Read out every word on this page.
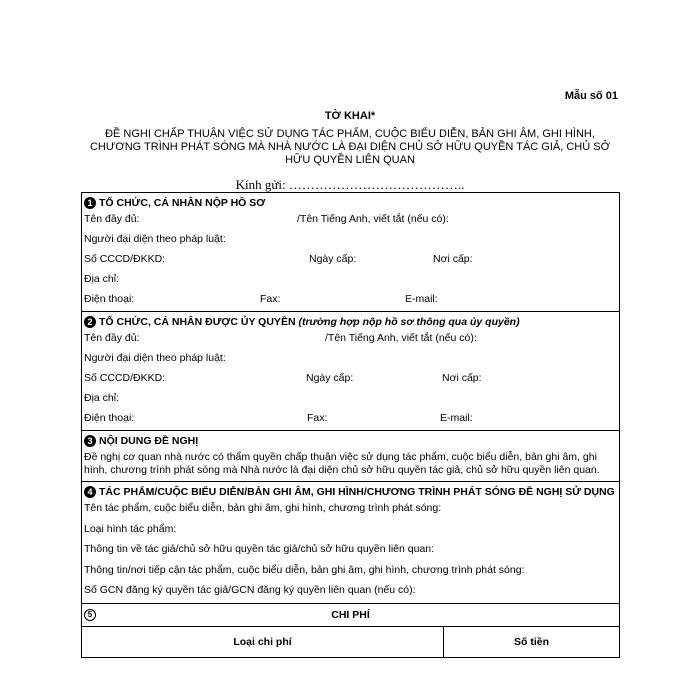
Mẫu số 01
TỜ KHAI*
ĐỀ NGHỊ CHẤP THUẬN VIỆC SỬ DỤNG TÁC PHẨM, CUỘC BIỂU DIỄN, BẢN GHI ÂM, GHI HÌNH, CHƯƠNG TRÌNH PHÁT SÓNG MÀ NHÀ NƯỚC LÀ ĐẠI DIỆN CHỦ SỞ HỮU QUYỀN TÁC GIẢ, CHỦ SỞ HỮU QUYỀN LIÊN QUAN
Kính gửi: …………………………………..
1 TỔ CHỨC, CÁ NHÂN NỘP HỒ SƠ
Tên đầy đủ:	/Tên Tiếng Anh, viết tắt (nếu có):
Người đại diện theo pháp luật:
Số CCCD/ĐKKD:	Ngày cấp:	Nơi cấp:
Địa chỉ:
Điện thoại:	Fax:	E-mail:
2 TỔ CHỨC, CÁ NHÂN ĐƯỢC ỦY QUYỀN (trường hợp nộp hồ sơ thông qua ủy quyền)
Tên đầy đủ:	/Tên Tiếng Anh, viết tắt (nếu có):
Người đại diện theo pháp luật:
Số CCCD/ĐKKD:	Ngày cấp:	Nơi cấp:
Địa chỉ:
Điện thoại:	Fax:	E-mail:
3 NỘI DUNG ĐỀ NGHỊ
Đề nghị cơ quan nhà nước có thẩm quyền chấp thuận việc sử dụng tác phẩm, cuộc biểu diễn, bản ghi âm, ghi hình, chương trình phát sóng mà Nhà nước là đại diện chủ sở hữu quyền tác giả, chủ sở hữu quyền liên quan.
4 TÁC PHẨM/CUỘC BIỂU DIỄN/BẢN GHI ÂM, GHI HÌNH/CHƯƠNG TRÌNH PHÁT SÓNG ĐỀ NGHỊ SỬ DỤNG
Tên tác phẩm, cuộc biểu diễn, bản ghi âm, ghi hình, chương trình phát sóng:
Loại hình tác phẩm:
Thông tin về tác giả/chủ sở hữu quyền tác giả/chủ sở hữu quyền liên quan:
Thông tin/nơi tiếp cận tác phẩm, cuộc biểu diễn, bản ghi âm, ghi hình, chương trình phát sóng:
Số GCN đăng ký quyền tác giả/GCN đăng ký quyền liên quan (nếu có):
5	CHI PHÍ
Loại chi phí	Số tiền
